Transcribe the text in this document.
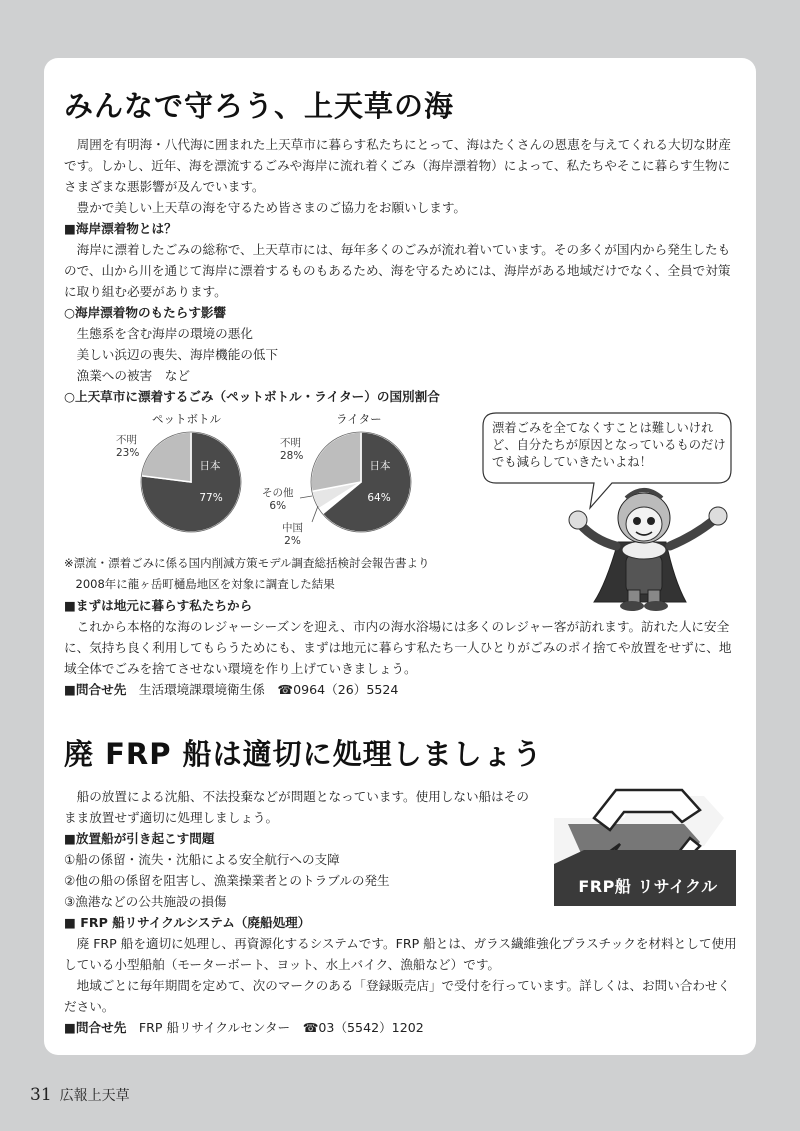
みんなで守ろう、上天草の海

周囲を有明海・八代海に囲まれた上天草市に暮らす私たちにとって、海はたくさんの恩恵を与えてくれる大切な財産です。しかし、近年、海を漂流するごみや海岸に流れ着くごみ（海岸漂着物）によって、私たちやそこに暮らす生物にさまざまな悪影響が及んでいます。

豊かで美しい上天草の海を守るため皆さまのご協力をお願いします。

■ 海岸漂着物とは？

海岸に漂着したごみの総称で、上天草市には、毎年多くのごみが流れ着いています。その多くが国内から発生したもので、山から川を通じて海岸に漂着するものもあるため、海を守るためには、海岸がある地域だけでなく、全員で対策に取り組む必要があります。

○海岸漂着物のもたらす影響

生態系を含む海岸の環境の悪化

美しい浜辺の喪失、海岸機能の低下

漁業への被害　など

○上天草市に漂着するごみ（ペットボトル・ライター）の国別割合

ペットボトル	ライター
不明
23%
日本
77%
不明
28%
日本
64%
その他
6%
中国
2%
漂着ごみを全てなくすことは難しいけれど、自分たちが原因となっているものだけでも減らしていきたいよね！

※漂流・漂着ごみに係る国内削減方策モデル調査総括検討会報告書より

2008年に龍ヶ岳町樋島地区を対象に調査した結果

■ まずは地元に暮らす私たちから

これから本格的な海のレジャーシーズンを迎え、市内の海水浴場には多くのレジャー客が訪れます。訪れた人に安全に、気持ち良く利用してもらうためにも、まずは地元に暮らす私たち一人ひとりがごみのポイ捨てや放置をせずに、地域全体でごみを捨てさせない環境を作り上げていきましょう。

■ 問合せ先　 生活環境課環境衛生係　 ☎0964（26）5524

廃 FRP 船は適切に処理しましょう

船の放置による沈船、不法投棄などが問題となっています。使用しない船はそのまま放置せず適切に処理しましょう。

■ 放置船が引き起こす問題

①船の係留・流失・沈船による安全航行への支障

②他の船の係留を阻害し、漁業操業者とのトラブルの発生

③漁港などの公共施設の損傷

■ FRP 船リサイクルシステム（廃船処理）

廃 FRP 船を適切に処理し、再資源化するシステムです。FRP 船とは、ガラス繊維強化プラスチックを材料として使用している小型船舶（モーターボート、ヨット、水上バイク、漁船など）です。

地域ごとに毎年期間を定めて、次のマークのある「登録販売店」で受付を行っています。詳しくは、お問い合わせください。

■ 問合せ先　 FRP 船リサイクルセンター　 ☎03（5542）1202

FRP船 リサイクル
31 広報上天草
